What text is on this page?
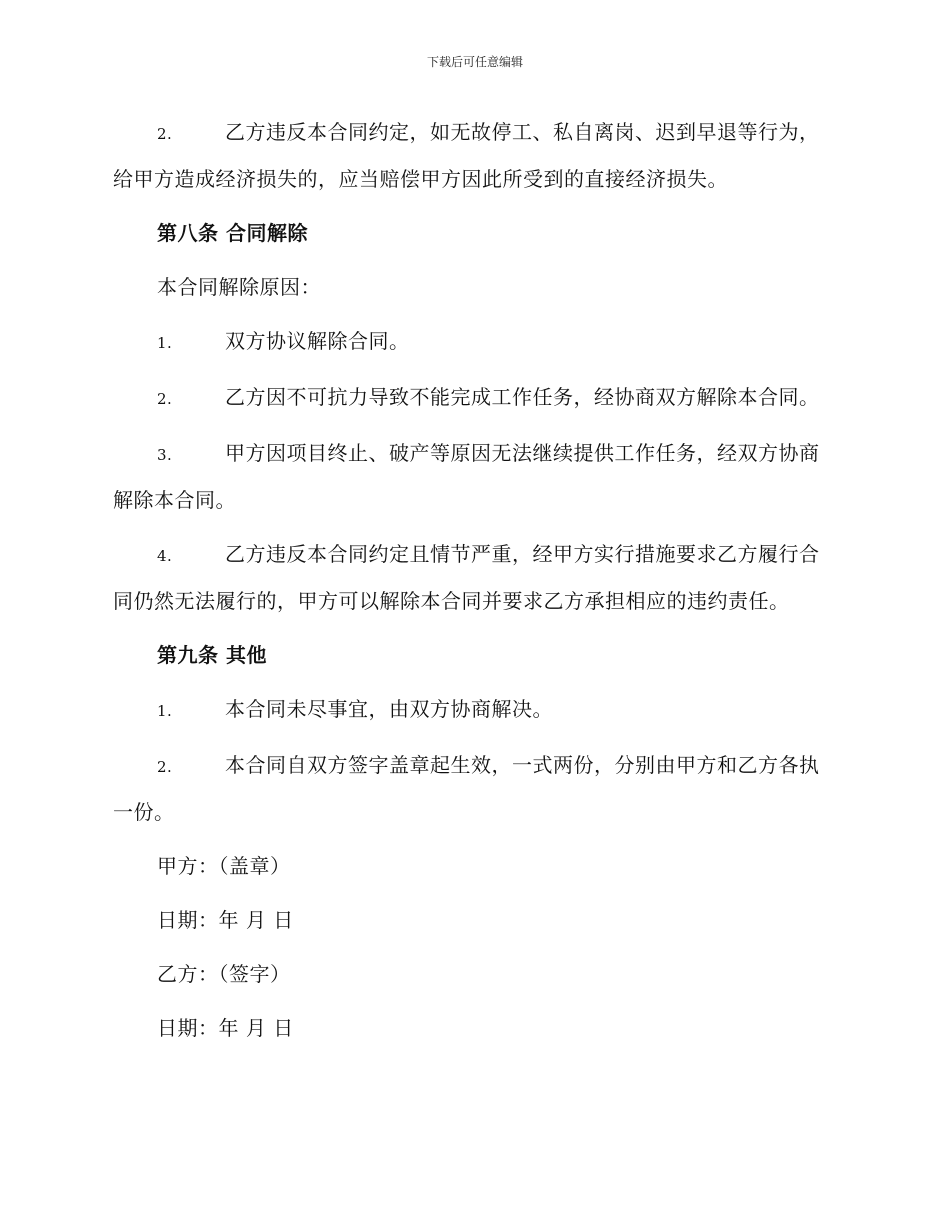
下载后可任意编辑

2.	乙方违反本合同约定，如无故停工、私自离岗、迟到早退等行为，给甲方造成经济损失的，应当赔偿甲方因此所受到的直接经济损失。

第八条 合同解除

本合同解除原因：

1.	双方协议解除合同。

2.	乙方因不可抗力导致不能完成工作任务，经协商双方解除本合同。

3.	甲方因项目终止、破产等原因无法继续提供工作任务，经双方协商解除本合同。

4.	乙方违反本合同约定且情节严重，经甲方实行措施要求乙方履行合同仍然无法履行的，甲方可以解除本合同并要求乙方承担相应的违约责任。

第九条 其他

1.	本合同未尽事宜，由双方协商解决。

2.	本合同自双方签字盖章起生效，一式两份，分别由甲方和乙方各执一份。

甲方：（盖章）

日期：年 月 日

乙方：（签字）

日期：年 月 日
